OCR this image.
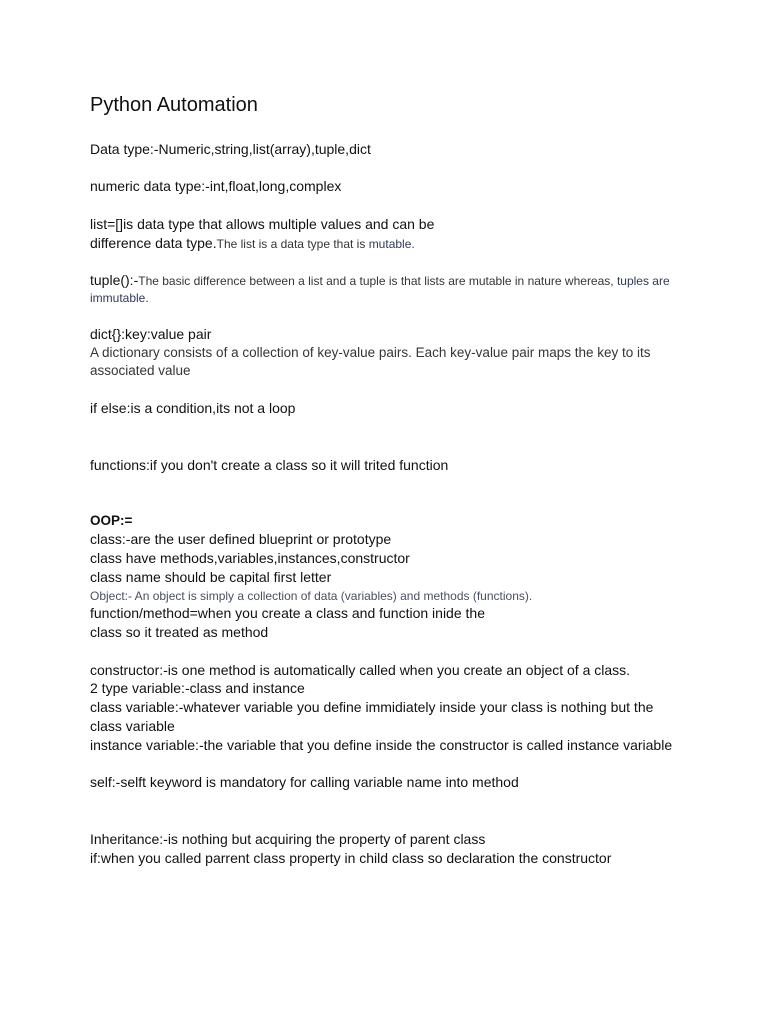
Python Automation

Data type:-Numeric,string,list(array),tuple,dict

numeric data type:-int,float,long,complex

list=[]is data type that allows multiple values and can be

difference data type.The list is a data type that is mutable.

tuple():-The basic difference between a list and a tuple is that lists are mutable in nature whereas, tuples are

immutable.

dict{}:key:value pair

A dictionary consists of a collection of key-value pairs. Each key-value pair maps the key to its

associated value

if else:is a condition,its not a loop

functions:if you don't create a class so it will trited function

OOP:=

class:-are the user defined blueprint or prototype

class have methods,variables,instances,constructor

class name should be capital first letter

Object:- An object is simply a collection of data (variables) and methods (functions).

function/method=when you create a class and function inide the

class so it treated as method

constructor:-is one method is automatically called when you create an object of a class.

2 type variable:-class and instance

class variable:-whatever variable you define immidiately inside your class is nothing but the

class variable

instance variable:-the variable that you define inside the constructor is called instance variable

self:-selft keyword is mandatory for calling variable name into method

Inheritance:-is nothing but acquiring the property of parent class

if:when you called parrent class property in child class so declaration the constructor
